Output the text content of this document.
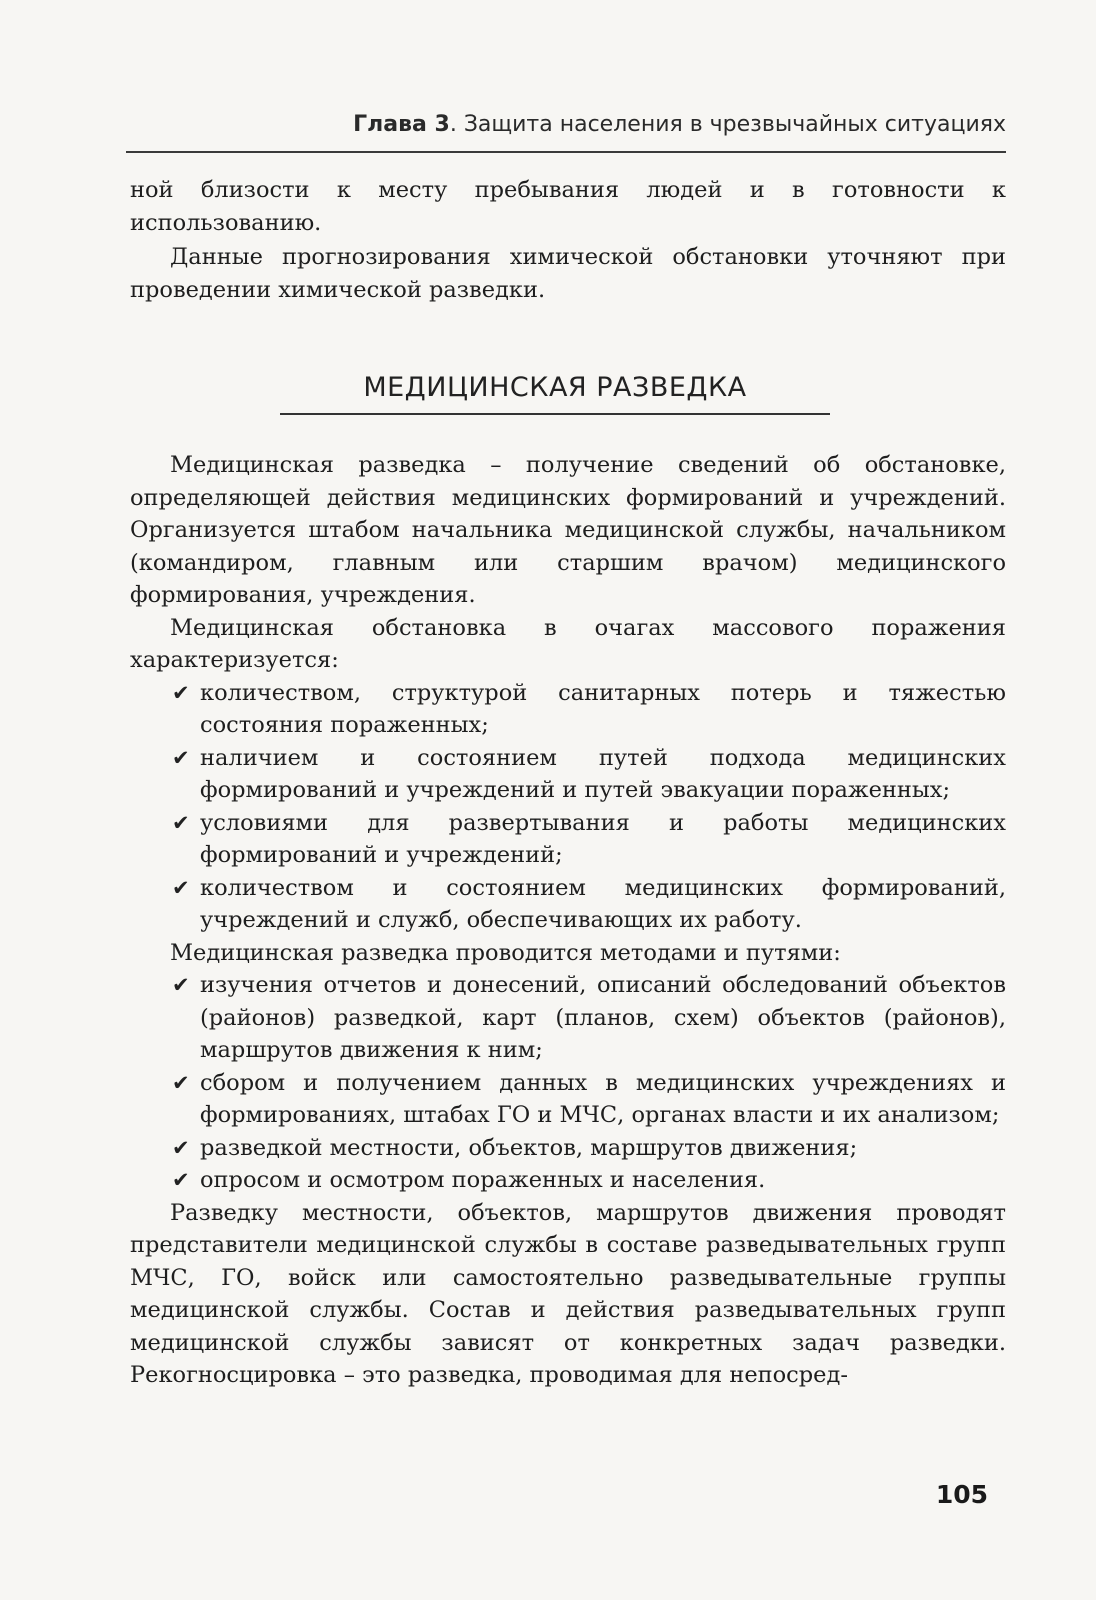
Глава 3. Защита населения в чрезвычайных ситуациях

ной близости к месту пребывания людей и в готовности к использованию.

Данные прогнозирования химической обстановки уточняют при проведении химической разведки.

МЕДИЦИНСКАЯ РАЗВЕДКА

Медицинская разведка – получение сведений об обстановке, определяющей действия медицинских формирований и учреждений. Организуется штабом начальника медицинской службы, начальником (командиром, главным или старшим врачом) медицинского формирования, учреждения.

Медицинская обстановка в очагах массового поражения характеризуется:

✔ количеством, структурой санитарных потерь и тяжестью состояния пораженных;
✔ наличием и состоянием путей подхода медицинских формирований и учреждений и путей эвакуации пораженных;
✔ условиями для развертывания и работы медицинских формирований и учреждений;
✔ количеством и состоянием медицинских формирований, учреждений и служб, обеспечивающих их работу.

Медицинская разведка проводится методами и путями:

✔ изучения отчетов и донесений, описаний обследований объектов (районов) разведкой, карт (планов, схем) объектов (районов), маршрутов движения к ним;
✔ сбором и получением данных в медицинских учреждениях и формированиях, штабах ГО и МЧС, органах власти и их анализом;
✔ разведкой местности, объектов, маршрутов движения;
✔ опросом и осмотром пораженных и населения.

Разведку местности, объектов, маршрутов движения проводят представители медицинской службы в составе разведывательных групп МЧС, ГО, войск или самостоятельно разведывательные группы медицинской службы. Состав и действия разведывательных групп медицинской службы зависят от конкретных задач разведки. Рекогносцировка – это разведка, проводимая для непосред-

105
